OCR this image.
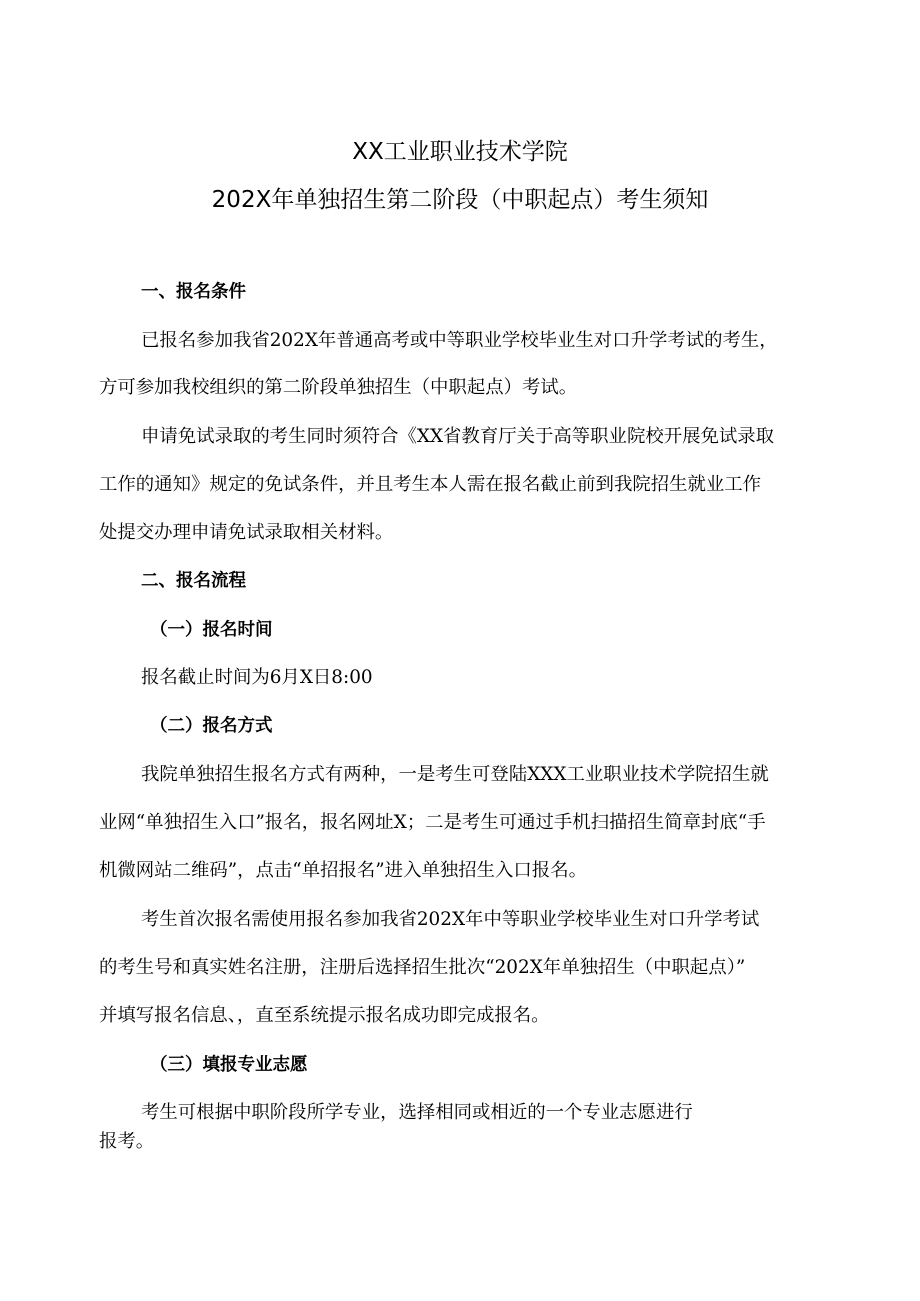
XX工业职业技术学院
202X年单独招生第二阶段（中职起点）考生须知
一、报名条件
已报名参加我省202X年普通高考或中等职业学校毕业生对口升学考试的考生，
方可参加我校组织的第二阶段单独招生（中职起点）考试。
申请免试录取的考生同时须符合《XX省教育厅关于高等职业院校开展免试录取
工作的通知》规定的免试条件，并且考生本人需在报名截止前到我院招生就业工作
处提交办理申请免试录取相关材料。
二、报名流程
（一）报名时间
报名截止时间为6月X日8:00
（二）报名方式
我院单独招生报名方式有两种，一是考生可登陆XXX工业职业技术学院招生就
业网“单独招生入口”报名，报名网址X；二是考生可通过手机扫描招生简章封底“手
机微网站二维码”，点击“单招报名”进入单独招生入口报名。
考生首次报名需使用报名参加我省202X年中等职业学校毕业生对口升学考试
的考生号和真实姓名注册，注册后选择招生批次“202X年单独招生（中职起点）”
并填写报名信息、，直至系统提示报名成功即完成报名。
（三）填报专业志愿
考生可根据中职阶段所学专业，选择相同或相近的一个专业志愿进行
报考。
